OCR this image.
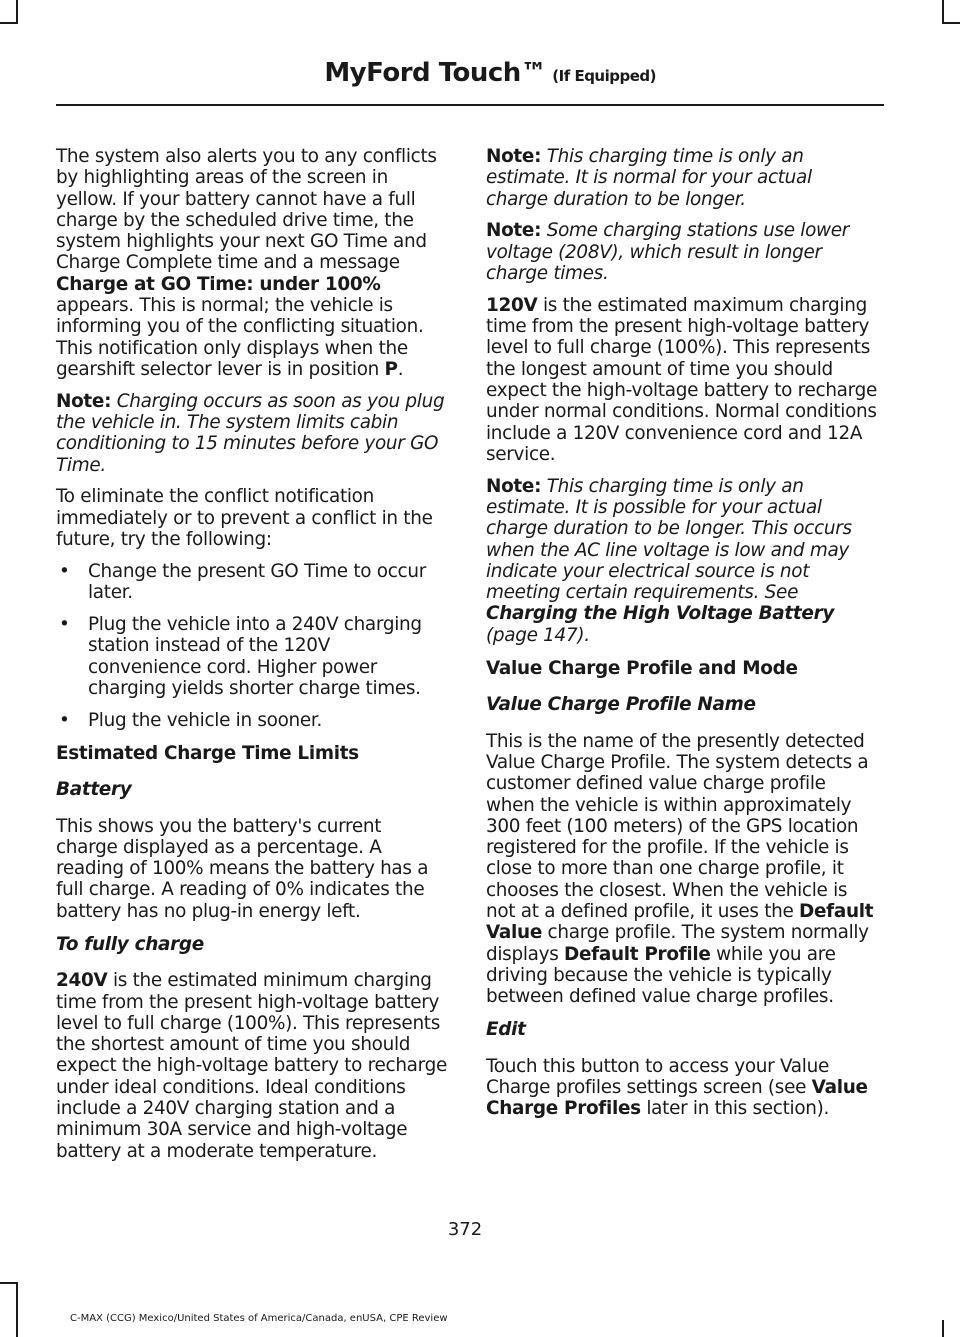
MyFord Touch™ (If Equipped)

The system also alerts you to any conflicts by highlighting areas of the screen in yellow. If your battery cannot have a full charge by the scheduled drive time, the system highlights your next GO Time and Charge Complete time and a message Charge at GO Time: under 100% appears. This is normal; the vehicle is informing you of the conflicting situation. This notification only displays when the gearshift selector lever is in position P.

Note: Charging occurs as soon as you plug the vehicle in. The system limits cabin conditioning to 15 minutes before your GO Time.

To eliminate the conflict notification immediately or to prevent a conflict in the future, try the following:

• Change the present GO Time to occur later.
• Plug the vehicle into a 240V charging station instead of the 120V convenience cord. Higher power charging yields shorter charge times.
• Plug the vehicle in sooner.
Estimated Charge Time Limits
Battery

This shows you the battery's current charge displayed as a percentage. A reading of 100% means the battery has a full charge. A reading of 0% indicates the battery has no plug-in energy left.

To fully charge

240V is the estimated minimum charging time from the present high-voltage battery level to full charge (100%). This represents the shortest amount of time you should expect the high-voltage battery to recharge under ideal conditions. Ideal conditions include a 240V charging station and a minimum 30A service and high-voltage battery at a moderate temperature.

Note: This charging time is only an estimate. It is normal for your actual charge duration to be longer.

Note: Some charging stations use lower voltage (208V), which result in longer charge times.

120V is the estimated maximum charging time from the present high-voltage battery level to full charge (100%). This represents the longest amount of time you should expect the high-voltage battery to recharge under normal conditions. Normal conditions include a 120V convenience cord and 12A service.

Note: This charging time is only an estimate. It is possible for your actual charge duration to be longer. This occurs when the AC line voltage is low and may indicate your electrical source is not meeting certain requirements. See Charging the High Voltage Battery (page 147).

Value Charge Profile and Mode
Value Charge Profile Name

This is the name of the presently detected Value Charge Profile. The system detects a customer defined value charge profile when the vehicle is within approximately 300 feet (100 meters) of the GPS location registered for the profile. If the vehicle is close to more than one charge profile, it chooses the closest. When the vehicle is not at a defined profile, it uses the Default Value charge profile. The system normally displays Default Profile while you are driving because the vehicle is typically between defined value charge profiles.

Edit

Touch this button to access your Value Charge profiles settings screen (see Value Charge Profiles later in this section).

372
C-MAX (CCG) Mexico/United States of America/Canada, enUSA, CPE Review
